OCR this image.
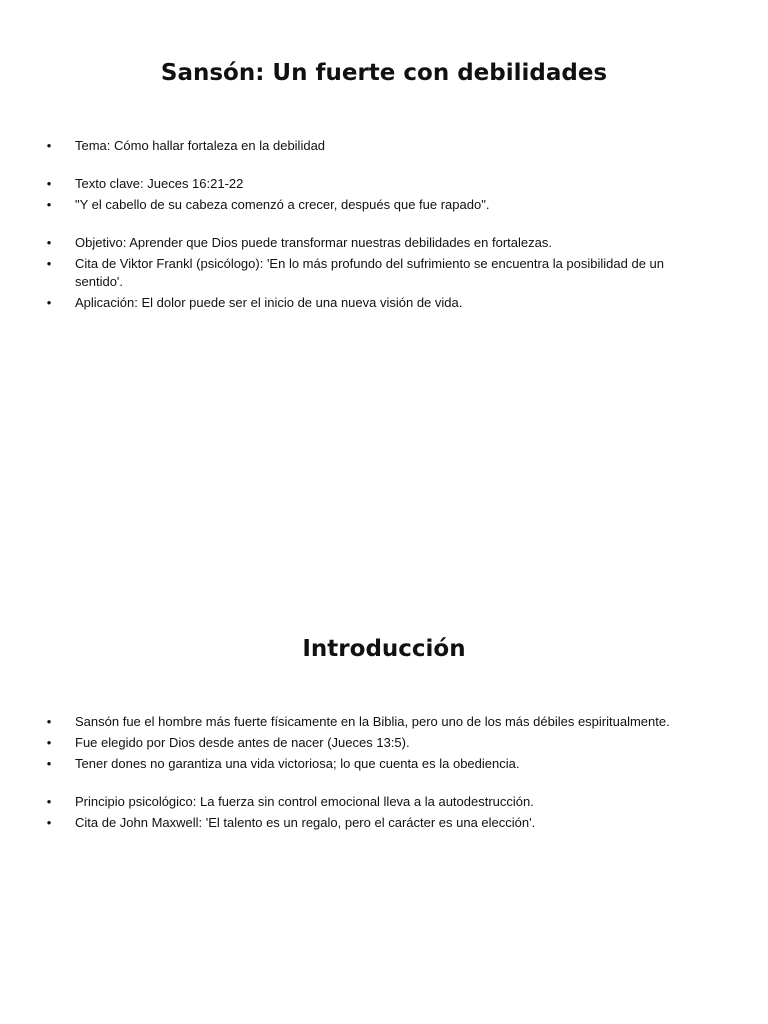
Sansón: Un fuerte con debilidades
• Tema: Cómo hallar fortaleza en la debilidad
• Texto clave: Jueces 16:21-22
• "Y el cabello de su cabeza comenzó a crecer, después que fue rapado".
• Objetivo: Aprender que Dios puede transformar nuestras debilidades en fortalezas.
• Cita de Viktor Frankl (psicólogo): 'En lo más profundo del sufrimiento se encuentra la posibilidad de un sentido'.
• Aplicación: El dolor puede ser el inicio de una nueva visión de vida.
Introducción
• Sansón fue el hombre más fuerte físicamente en la Biblia, pero uno de los más débiles espiritualmente.
• Fue elegido por Dios desde antes de nacer (Jueces 13:5).
• Tener dones no garantiza una vida victoriosa; lo que cuenta es la obediencia.
• Principio psicológico: La fuerza sin control emocional lleva a la autodestrucción.
• Cita de John Maxwell: 'El talento es un regalo, pero el carácter es una elección'.
